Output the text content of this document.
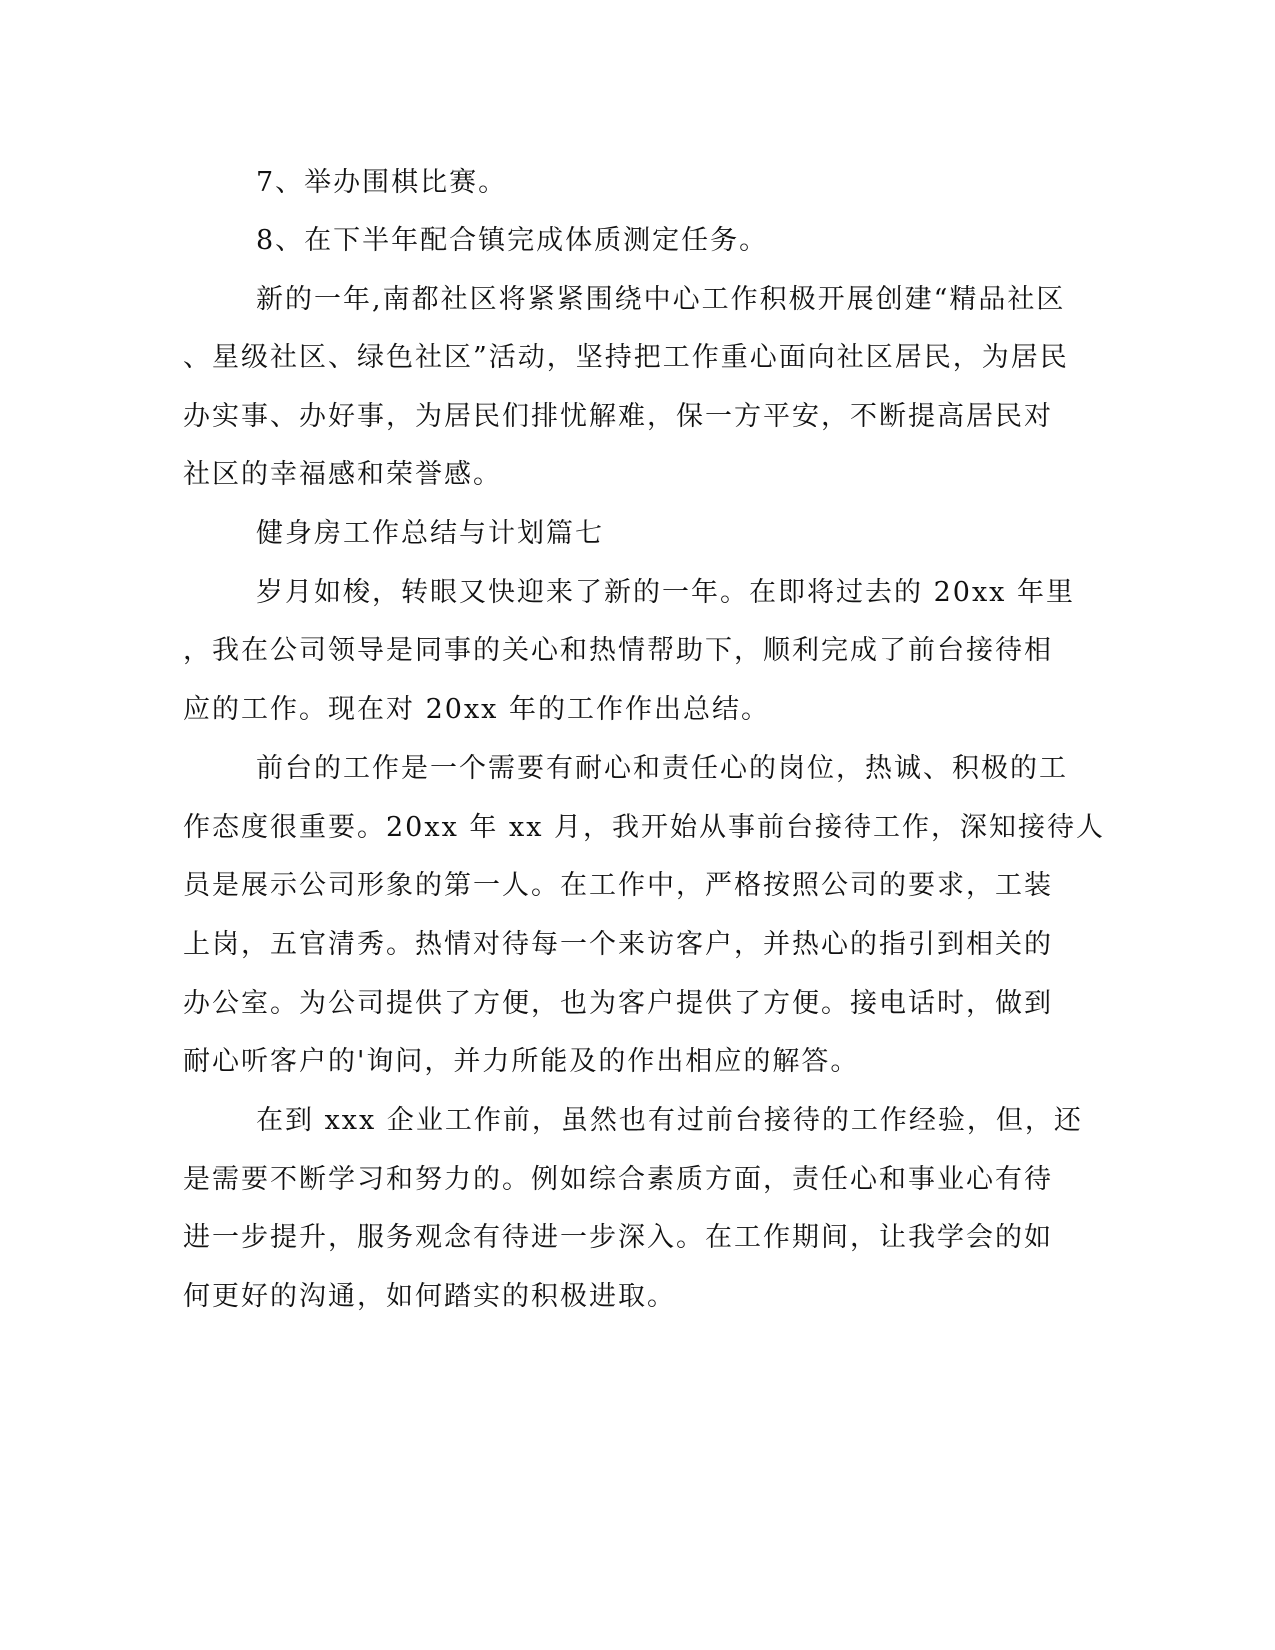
7、举办围棋比赛。
8、在下半年配合镇完成体质测定任务。
新的一年,南都社区将紧紧围绕中心工作积极开展创建“精品社区
、星级社区、绿色社区”活动，坚持把工作重心面向社区居民，为居民
办实事、办好事，为居民们排忧解难，保一方平安，不断提高居民对
社区的幸福感和荣誉感。
健身房工作总结与计划篇七
岁月如梭，转眼又快迎来了新的一年。在即将过去的 20xx 年里
，我在公司领导是同事的关心和热情帮助下，顺利完成了前台接待相
应的工作。现在对 20xx 年的工作作出总结。
前台的工作是一个需要有耐心和责任心的岗位，热诚、积极的工
作态度很重要。20xx 年 xx 月，我开始从事前台接待工作，深知接待人
员是展示公司形象的第一人。在工作中，严格按照公司的要求，工装
上岗，五官清秀。热情对待每一个来访客户，并热心的指引到相关的
办公室。为公司提供了方便，也为客户提供了方便。接电话时，做到
耐心听客户的'询问，并力所能及的作出相应的解答。
在到 xxx 企业工作前，虽然也有过前台接待的工作经验，但，还
是需要不断学习和努力的。例如综合素质方面，责任心和事业心有待
进一步提升，服务观念有待进一步深入。在工作期间，让我学会的如
何更好的沟通，如何踏实的积极进取。
